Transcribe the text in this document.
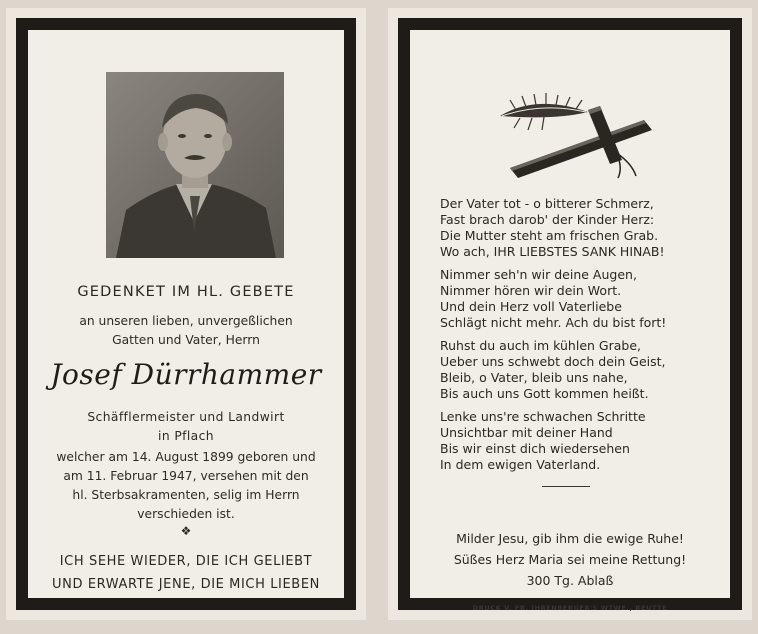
GEDENKET IM HL. GEBETE
an unseren lieben, unvergeßlichen
Gatten und Vater, Herrn
Josef Dürrhammer
Schäfflermeister und Landwirt
in Pflach
welcher am 14. August 1899 geboren und
am 11. Februar 1947, versehen mit den
hl. Sterbsakramenten, selig im Herrn
verschieden ist.
❖
ICH SEHE WIEDER, DIE ICH GELIEBT
UND ERWARTE JENE, DIE MICH LIEBEN
Der Vater tot - o bitterer Schmerz,
Fast brach darob' der Kinder Herz:
Die Mutter steht am frischen Grab.
Wo ach, IHR LIEBSTES SANK HINAB!
Nimmer seh'n wir deine Augen,
Nimmer hören wir dein Wort.
Und dein Herz voll Vaterliebe
Schlägt nicht mehr. Ach du bist fort!
Ruhst du auch im kühlen Grabe,
Ueber uns schwebt doch dein Geist,
Bleib, o Vater, bleib uns nahe,
Bis auch uns Gott kommen heißt.
Lenke uns're schwachen Schritte
Unsichtbar mit deiner Hand
Bis wir einst dich wiedersehen
In dem ewigen Vaterland.
Milder Jesu, gib ihm die ewige Ruhe!
Süßes Herz Maria sei meine Rettung!
300 Tg. Ablaß
DRUCK V. FR. IHRENBERGER'S WTWE., REUTTE
